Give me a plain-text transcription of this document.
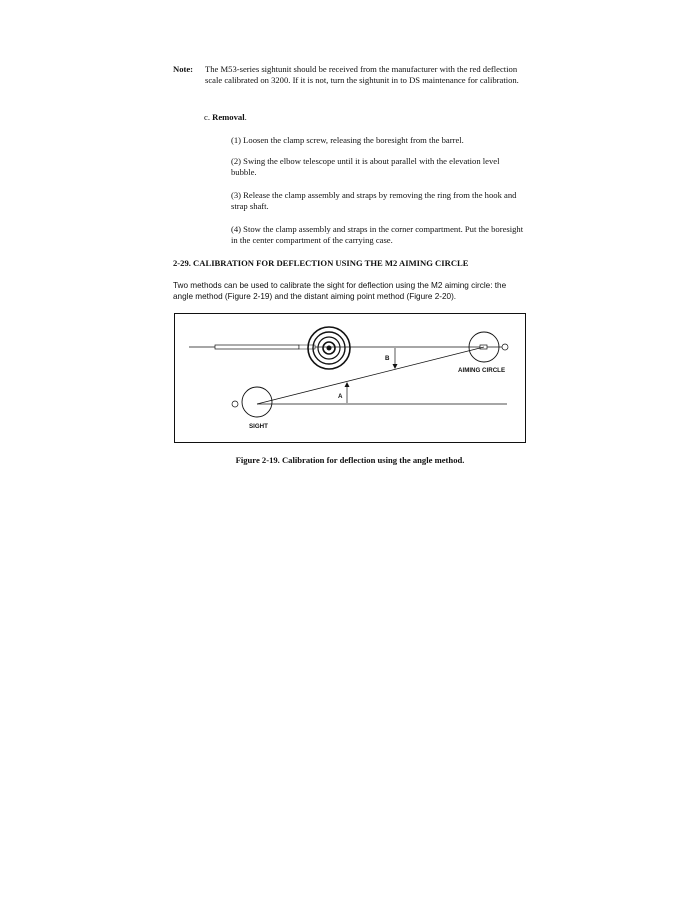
Note: The M53-series sightunit should be received from the manufacturer with the red deflection scale calibrated on 3200. If it is not, turn the sightunit in to DS maintenance for calibration.

c. Removal.

(1) Loosen the clamp screw, releasing the boresight from the barrel.

(2) Swing the elbow telescope until it is about parallel with the elevation level bubble.

(3) Release the clamp assembly and straps by removing the ring from the hook and strap shaft.

(4) Stow the clamp assembly and straps in the corner compartment. Put the boresight in the center compartment of the carrying case.

2-29. CALIBRATION FOR DEFLECTION USING THE M2 AIMING CIRCLE

Two methods can be used to calibrate the sight for deflection using the M2 aiming circle: the angle method (Figure 2-19) and the distant aiming point method (Figure 2-20).

B
A
AIMING CIRCLE
SIGHT

Figure 2-19. Calibration for deflection using the angle method.
